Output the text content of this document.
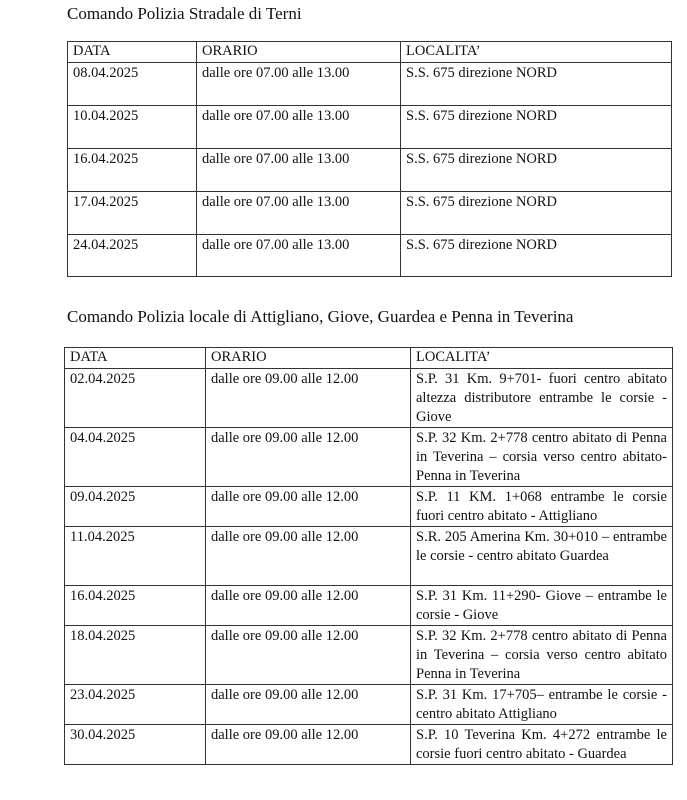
Comando Polizia Stradale di Terni
DATA	ORARIO	LOCALITA’
08.04.2025	dalle ore 07.00 alle 13.00	S.S. 675 direzione NORD
10.04.2025	dalle ore 07.00 alle 13.00	S.S. 675 direzione NORD
16.04.2025	dalle ore 07.00 alle 13.00	S.S. 675 direzione NORD
17.04.2025	dalle ore 07.00 alle 13.00	S.S. 675 direzione NORD
24.04.2025	dalle ore 07.00 alle 13.00	S.S. 675 direzione NORD
Comando Polizia locale di Attigliano, Giove, Guardea e Penna in Teverina
DATA	ORARIO	LOCALITA’
02.04.2025	dalle ore 09.00 alle 12.00	S.P. 31 Km. 9+701- fuori centro abitato altezza distributore entrambe le corsie - Giove
04.04.2025	dalle ore 09.00 alle 12.00	S.P. 32 Km. 2+778 centro abitato di Penna in Teverina – corsia verso centro abitato- Penna in Teverina
09.04.2025	dalle ore 09.00 alle 12.00	S.P. 11 KM. 1+068 entrambe le corsie fuori centro abitato - Attigliano
11.04.2025	dalle ore 09.00 alle 12.00	S.R. 205 Amerina Km. 30+010 – entrambe le corsie - centro abitato Guardea
16.04.2025	dalle ore 09.00 alle 12.00	S.P. 31 Km. 11+290- Giove – entrambe le corsie - Giove
18.04.2025	dalle ore 09.00 alle 12.00	S.P. 32 Km. 2+778 centro abitato di Penna in Teverina – corsia verso centro abitato Penna in Teverina
23.04.2025	dalle ore 09.00 alle 12.00	S.P. 31 Km. 17+705– entrambe le corsie - centro abitato Attigliano
30.04.2025	dalle ore 09.00 alle 12.00	S.P. 10 Teverina Km. 4+272 entrambe le corsie fuori centro abitato - Guardea
